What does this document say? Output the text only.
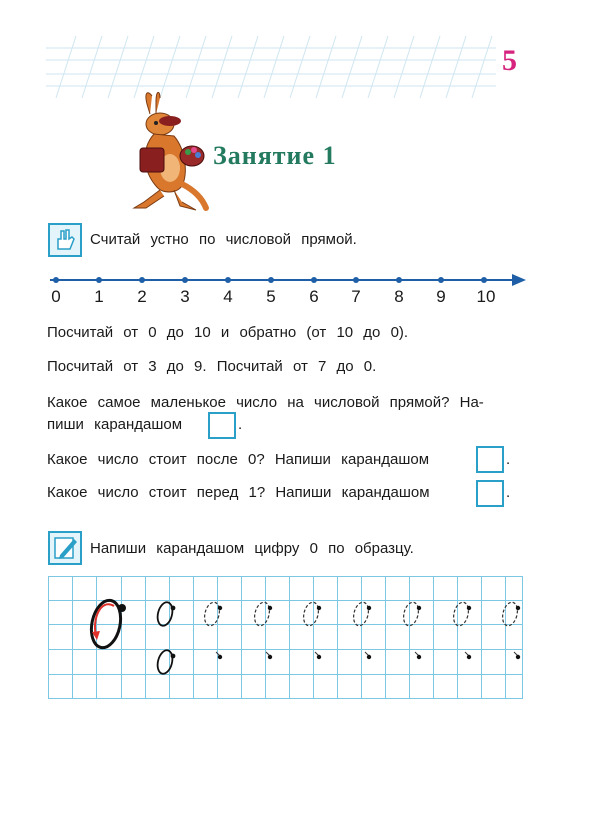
5
Занятие 1
Считай устно по числовой прямой.
0	1	2	3	4	5	6	7	8	9	10
Посчитай от 0 до 10 и обратно (от 10 до 0).
Посчитай от 3 до 9. Посчитай от 7 до 0.
Какое самое маленькое число на числовой прямой? На-
пиши карандашом	.
Какое число стоит после 0? Напиши карандашом	.
Какое число стоит перед 1? Напиши карандашом	.
Напиши карандашом цифру 0 по образцу.
